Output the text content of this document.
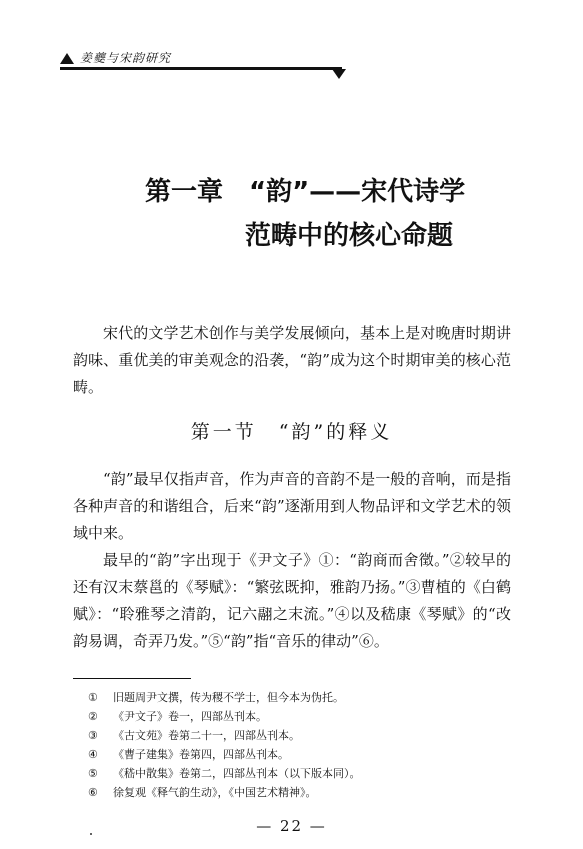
姜夔与宋韵研究
第一章　“韵”——宋代诗学
范畴中的核心命题

宋代的文学艺术创作与美学发展倾向，基本上是对晚唐时期讲韵味、重优美的审美观念的沿袭，“韵”成为这个时期审美的核心范畴。

第一节　“韵”的释义

“韵”最早仅指声音，作为声音的音韵不是一般的音响，而是指各种声音的和谐组合，后来“韵”逐渐用到人物品评和文学艺术的领域中来。

最早的“韵”字出现于《尹文子》①：“韵商而舍徵。”②较早的还有汉末蔡邕的《琴赋》：“繁弦既抑，雅韵乃扬。”③曹植的《白鹤赋》：“聆雅琴之清韵，记六翮之末流。”④以及嵇康《琴赋》的“改韵易调，奇弄乃发。”⑤“韵”指“音乐的律动”⑥。

①	旧题周尹文撰，传为稷不学士，但今本为伪托。
②	《尹文子》卷一，四部丛刊本。
③	《古文苑》卷第二十一，四部丛刊本。
④	《曹子建集》卷第四，四部丛刊本。
⑤	《嵇中散集》卷第二，四部丛刊本（以下版本同）。
⑥	徐复观《释气韵生动》，《中国艺术精神》。
— 22 —
